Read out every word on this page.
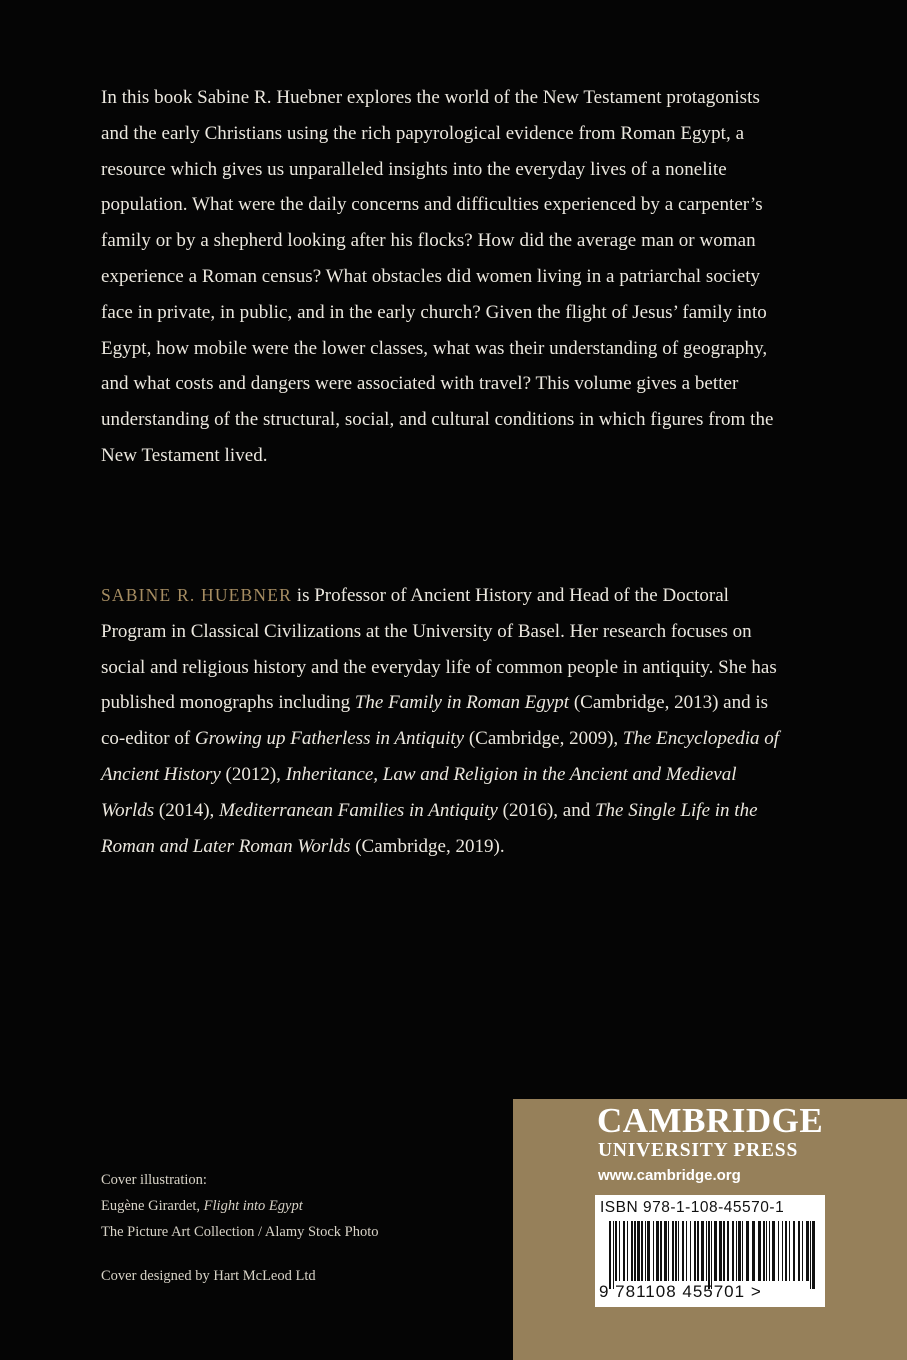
In this book Sabine R. Huebner explores the world of the New Testament protagonists and the early Christians using the rich papyrological evidence from Roman Egypt, a resource which gives us unparalleled insights into the everyday lives of a nonelite population. What were the daily concerns and difficulties experienced by a carpenter’s family or by a shepherd looking after his flocks? How did the average man or woman experience a Roman census? What obstacles did women living in a patriarchal society face in private, in public, and in the early church? Given the flight of Jesus’ family into Egypt, how mobile were the lower classes, what was their understanding of geography, and what costs and dangers were associated with travel? This volume gives a better understanding of the structural, social, and cultural conditions in which figures from the New Testament lived.
SABINE R. HUEBNER is Professor of Ancient History and Head of the Doctoral Program in Classical Civilizations at the University of Basel. Her research focuses on social and religious history and the everyday life of common people in antiquity. She has published monographs including The Family in Roman Egypt (Cambridge, 2013) and is co-editor of Growing up Fatherless in Antiquity (Cambridge, 2009), The Encyclopedia of Ancient History (2012), Inheritance, Law and Religion in the Ancient and Medieval Worlds (2014), Mediterranean Families in Antiquity (2016), and The Single Life in the Roman and Later Roman Worlds (Cambridge, 2019).
Cover illustration:
Eugène Girardet, Flight into Egypt
The Picture Art Collection / Alamy Stock Photo
Cover designed by Hart McLeod Ltd
CAMBRIDGE
UNIVERSITY PRESS
www.cambridge.org
ISBN 978-1-108-45570-1
9 781108 455701 >
